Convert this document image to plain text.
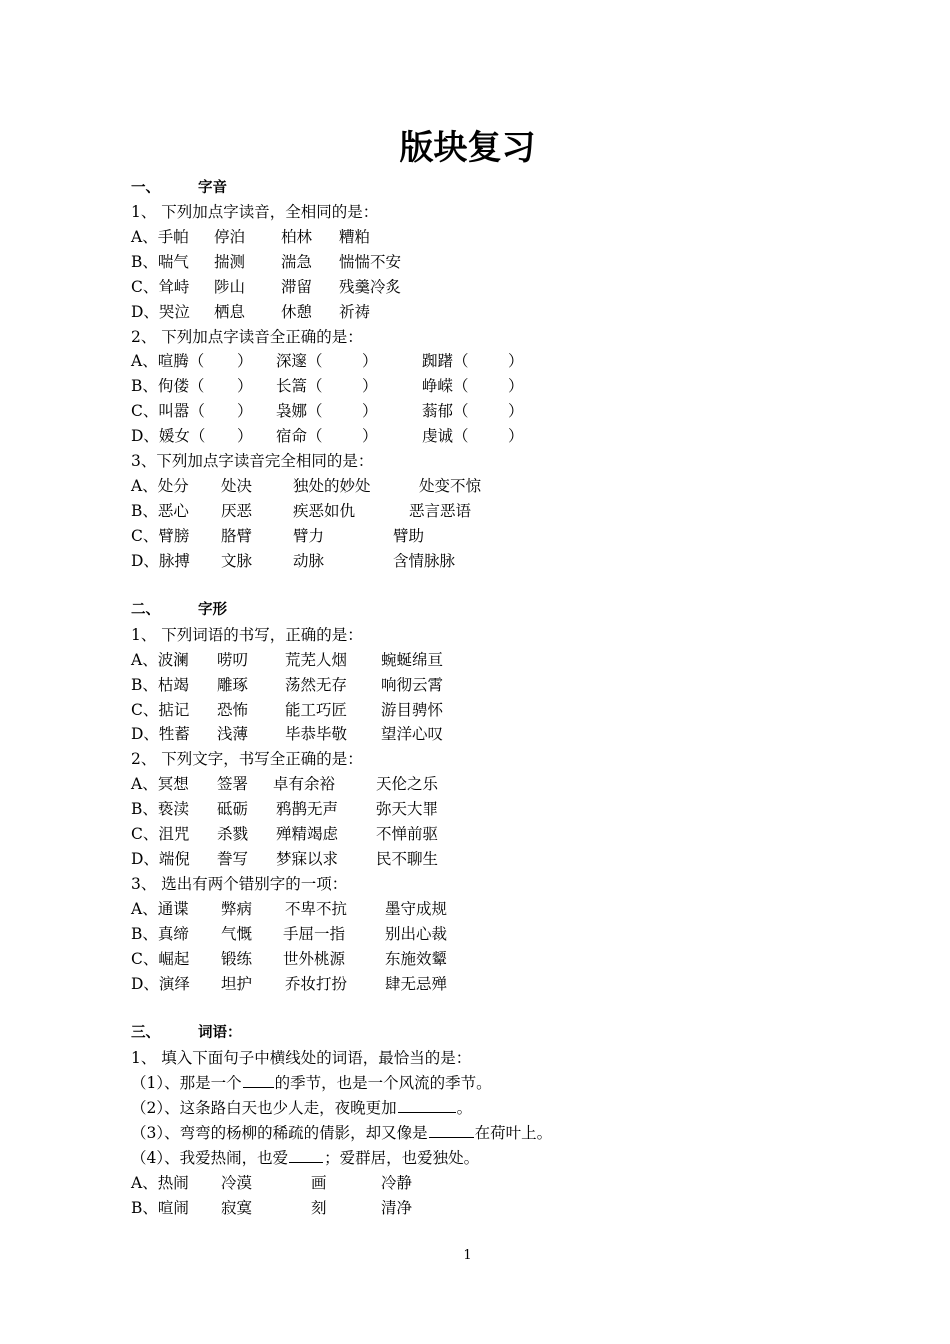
版块复习
一、	字音
1、 下列加点字读音，全相同的是：
A、手帕 停泊 柏林 糟粕
B、喘气 揣测 湍急 惴惴不安
C、耸峙 陟山 滞留 残羹冷炙
D、哭泣 栖息 休憩 祈祷
2、 下列加点字读音全正确的是：
A、喧腾（ ） 深邃（	）	踟躇（	）
B、佝偻（ ） 长篙（	）	峥嵘（	）
C、叫嚣（ ） 袅娜（	）	蓊郁（	）
D、媛女（ ） 宿命（	）	虔诚（	）
3、下列加点字读音完全相同的是：
A、处分 处决	独处的妙处	处变不惊
B、恶心 厌恶	疾恶如仇	恶言恶语
C、臂膀 胳臂	臂力	臂助
D、脉搏 文脉	动脉	含情脉脉
二、	字形
1、 下列词语的书写，正确的是：
A、波澜 唠叨 荒芜人烟 蜿蜒绵亘
B、枯竭 雕琢 荡然无存 响彻云霄
C、掂记 恐怖 能工巧匠 游目骋怀
D、牲蓄 浅薄 毕恭毕敬 望洋心叹
2、 下列文字，书写全正确的是：
A、冥想 签署 卓有余裕	天伦之乐
B、亵渎 砥砺 鸦鹊无声 弥天大罪
C、沮咒 杀戮 殚精竭虑 不惮前驱
D、端倪 誊写 梦寐以求 民不聊生
3、 选出有两个错别字的一项：
A、通谍 弊病 不卑不抗 墨守成规
B、真缔 气慨 手屈一指	别出心裁
C、崛起 锻练 世外桃源	东施效颦
D、演绎 坦护 乔妆打扮 肆无忌殚
三、	词语：
1、 填入下面句子中横线处的词语，最恰当的是：
（1）、那是一个 的季节，也是一个风流的季节。
（2）、这条路白天也少人走，夜晚更加	。
（3）、弯弯的杨柳的稀疏的倩影，却又像是	在荷叶上。
（4）、我爱热闹，也爱 ；爱群居，也爱独处。
A、热闹 冷漠	画	冷静
B、喧闹 寂寞	刻	清净
1
